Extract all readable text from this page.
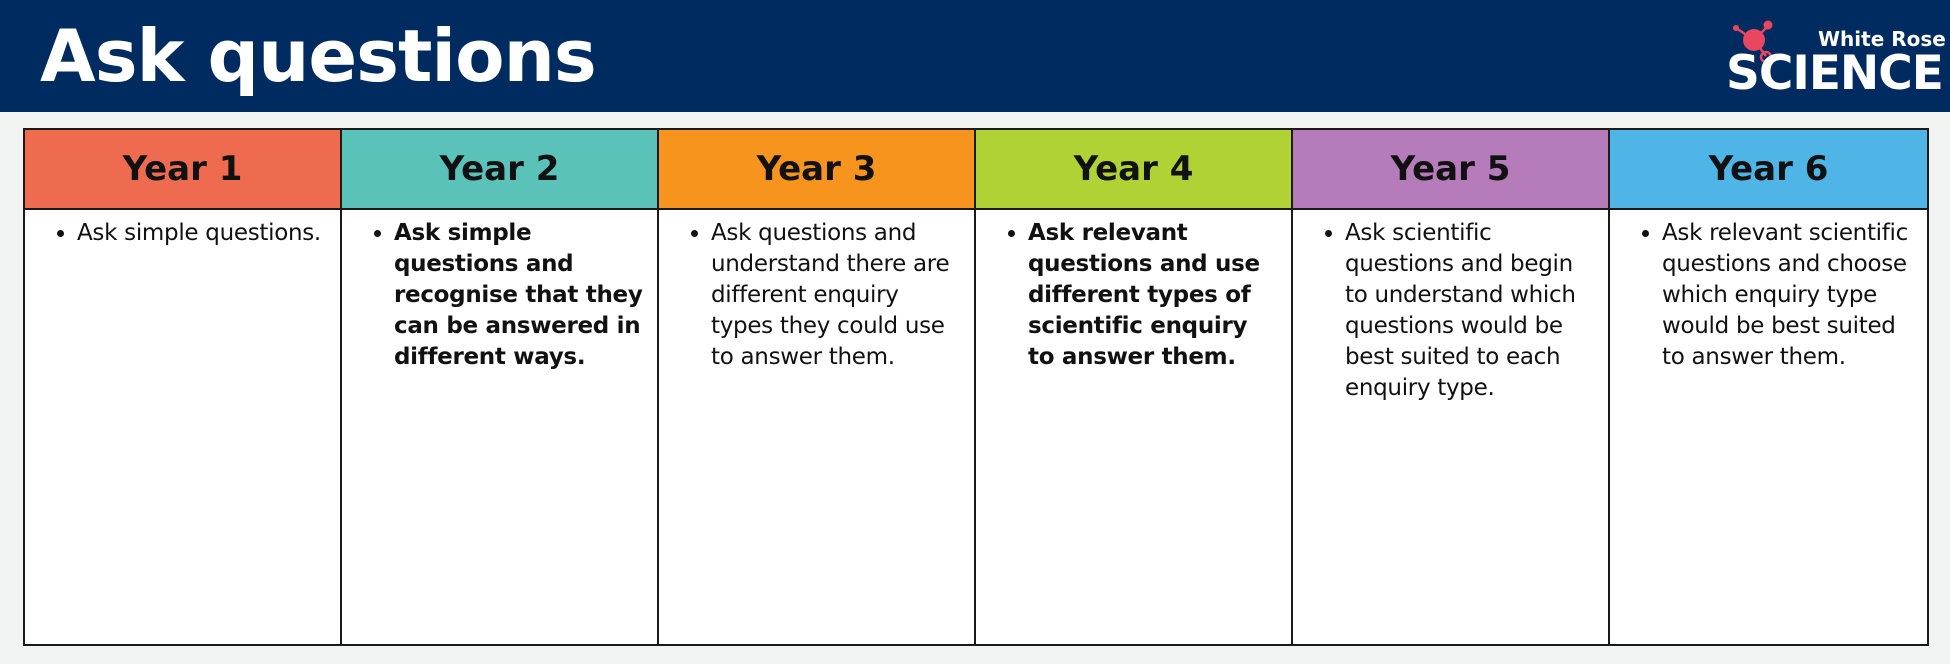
Ask questions	White Rose
SCIENCE
Year 1	Year 2	Year 3	Year 4	Year 5	Year 6
• Ask simple questions.
•	Ask simple questions and recognise that they can be answered in different ways.
• Ask questions and understand there are different enquiry types they could use to answer them.
• Ask relevant questions and use different types of scientific enquiry to answer them.
• Ask scientific questions and begin to understand which questions would be best suited to each enquiry type.
• Ask relevant scientific questions and choose which enquiry type would be best suited to answer them.
